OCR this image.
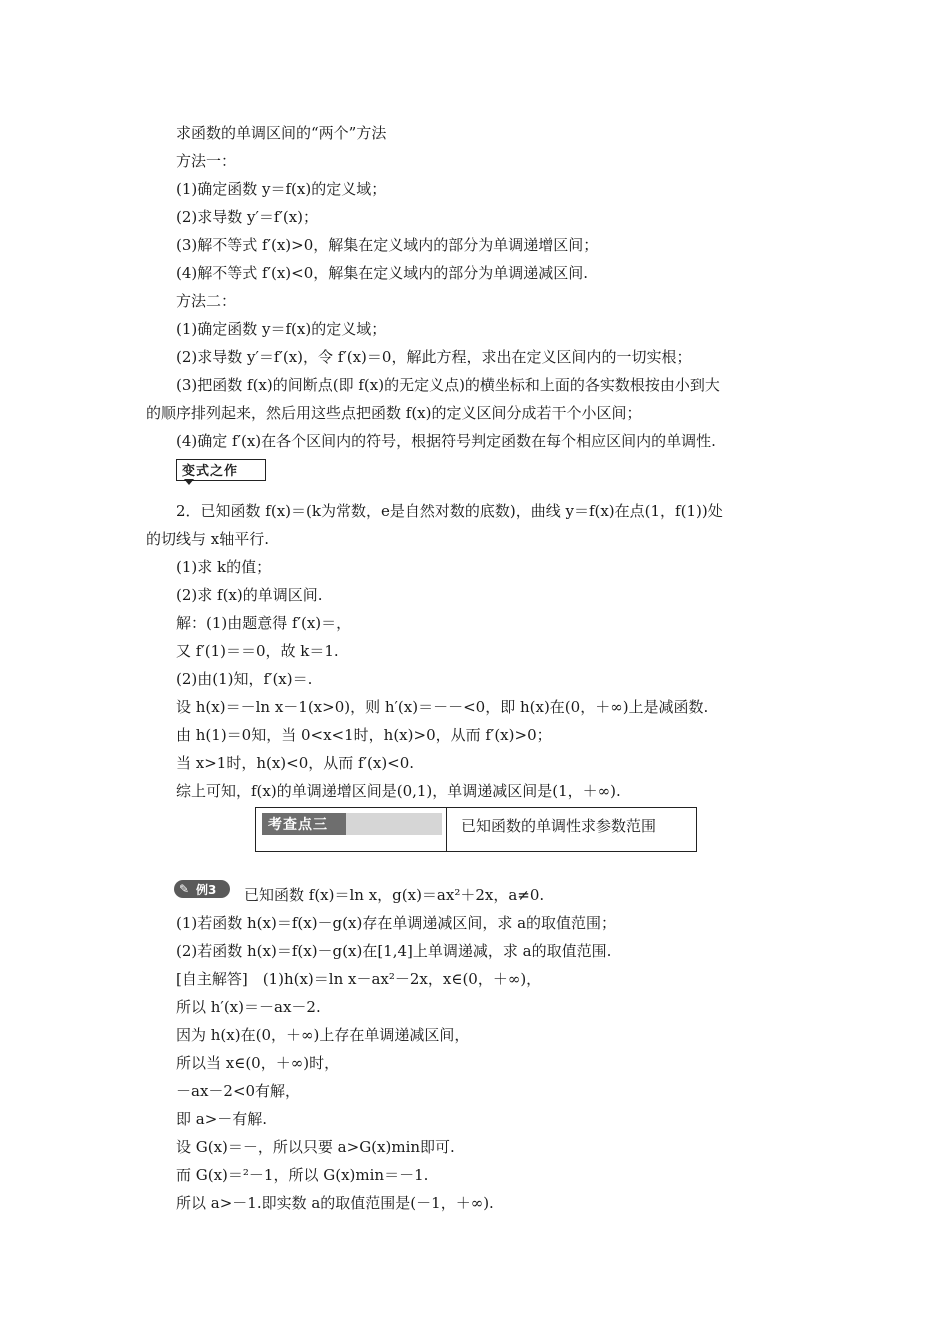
求函数的单调区间的“两个”方法
方法一：
(1)确定函数 y＝f(x)的定义域；
(2)求导数 y′＝f′(x)；
(3)解不等式 f′(x)>0，解集在定义域内的部分为单调递增区间；
(4)解不等式 f′(x)<0，解集在定义域内的部分为单调递减区间.
方法二：
(1)确定函数 y＝f(x)的定义域；
(2)求导数 y′＝f′(x)，令 f′(x)＝0，解此方程，求出在定义区间内的一切实根；
(3)把函数 f(x)的间断点(即 f(x)的无定义点)的横坐标和上面的各实数根按由小到大
的顺序排列起来，然后用这些点把函数 f(x)的定义区间分成若干个小区间；
(4)确定 f′(x)在各个区间内的符号，根据符号判定函数在每个相应区间内的单调性.
变式之作
2．已知函数 f(x)＝(k为常数，e是自然对数的底数)，曲线 y＝f(x)在点(1，f(1))处
的切线与 x轴平行.
(1)求 k的值；
(2)求 f(x)的单调区间.
解：(1)由题意得 f′(x)＝，
又 f′(1)＝＝0，故 k＝1.
(2)由(1)知，f′(x)＝.
设 h(x)＝－ln x－1(x>0)，则 h′(x)＝－－<0，即 h(x)在(0，＋∞)上是减函数.
由 h(1)＝0知，当 0<x<1时，h(x)>0，从而 f′(x)>0；
当 x>1时，h(x)<0，从而 f′(x)<0.
综上可知，f(x)的单调递增区间是(0,1)，单调递减区间是(1，＋∞).
考查点三	已知函数的单调性求参数范围
✎ 例3 已知函数 f(x)＝ln x，g(x)＝ax²＋2x，a≠0.
(1)若函数 h(x)＝f(x)－g(x)存在单调递减区间，求 a的取值范围；
(2)若函数 h(x)＝f(x)－g(x)在[1,4]上单调递减，求 a的取值范围.
[自主解答]　(1)h(x)＝ln x－ax²－2x，x∈(0，＋∞)，
所以 h′(x)＝－ax－2.
因为 h(x)在(0，＋∞)上存在单调递减区间，
所以当 x∈(0，＋∞)时，
－ax－2<0有解，
即 a>－有解.
设 G(x)＝－，所以只要 a>G(x)min即可.
而 G(x)＝²－1，所以 G(x)min＝－1.
所以 a>－1.即实数 a的取值范围是(－1，＋∞).
